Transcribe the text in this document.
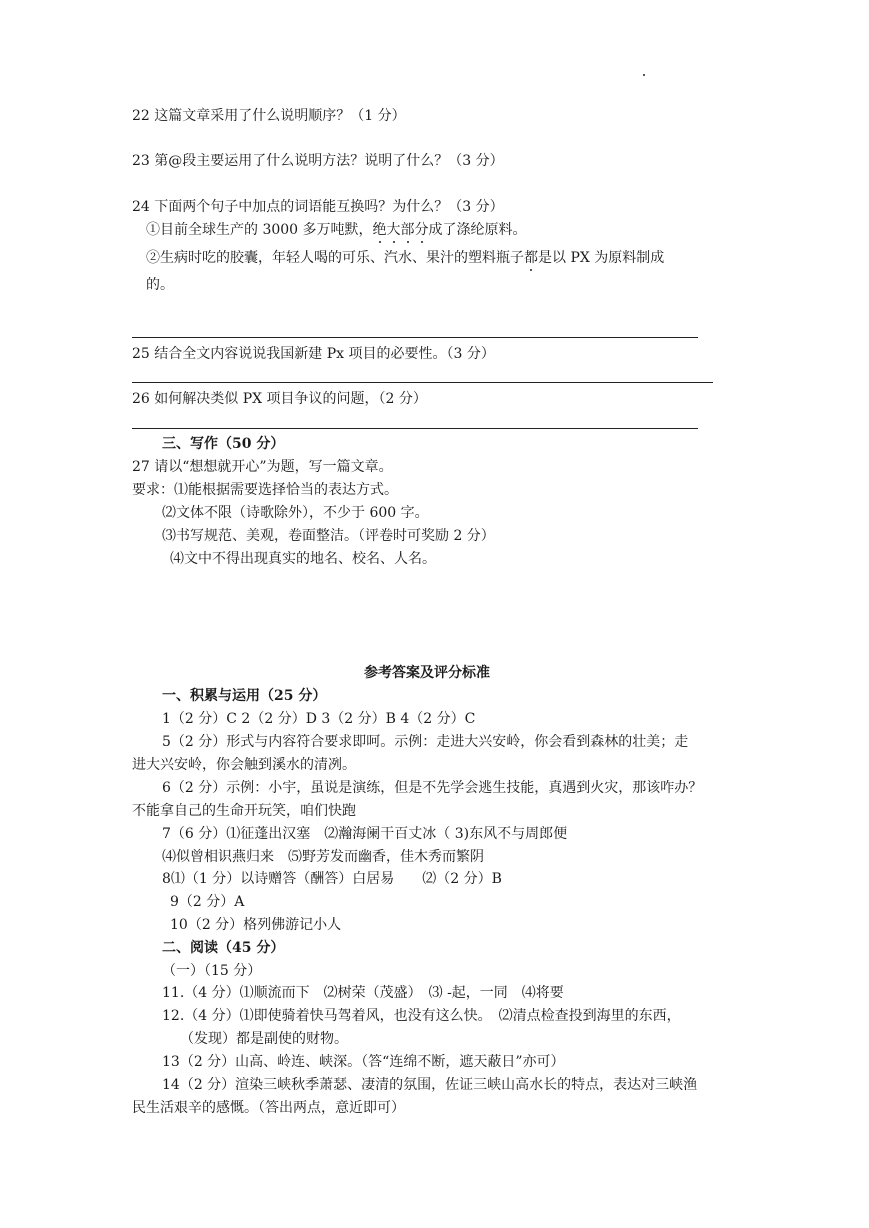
22 这篇文章采用了什么说明顺序？（1 分）
23 第@段主要运用了什么说明方法？说明了什么？（3 分）
24 下面两个句子中加点的词语能互换吗？为什么？（3 分）
①目前全球生产的 3000 多万吨默，绝大部分成了涤纶原料。
②生病时吃的胶囊，年轻人喝的可乐、汽水、果汁的塑料瓶子都是以 PX 为原料制成
的。
25 结合全文内容说说我国新建 Px 项目的必要性。（3 分）
26 如何解决类似 PX 项目争议的问题，（2 分）
三、写作（50 分）
27 请以“想想就开心”为题，写一篇文章。
要求：⑴能根据需要选择恰当的表达方式。
⑵文体不限（诗歌除外），不少于 600 字。
⑶书写规范、美观，卷面整洁。（评卷时可奖励 2 分）
⑷文中不得出现真实的地名、校名、人名。
参考答案及评分标准
一、积累与运用（25 分）
1（2 分）C 2（2 分）D 3（2 分）B 4（2 分）C
5（2 分）形式与内容符合要求即呵。示例：走进大兴安岭，你会看到森林的壮美；走
进大兴安岭，你会触到溪水的清冽。
6（2 分）示例：小宇，虽说是演练，但是不先学会逃生技能，真遇到火灾，那该咋办？
不能拿自己的生命开玩笑，咱们快跑
7（6 分）⑴征蓬出汉塞　⑵瀚海阑干百丈冰（ 3)东风不与周郎便
⑷似曾相识燕归来　⑸野芳发而幽香，佳木秀而繁阴
8⑴（1 分）以诗赠答（酬答）白居易　　⑵（2 分）B
9（2 分）A
10（2 分）格列佛游记小人
二、阅读（45 分）
（一）（15 分）
11.（4 分）⑴顺流而下　⑵树荣（茂盛）　⑶ -起，一同　⑷将要
12.（4 分）⑴即使骑着快马驾着风，也没有这么快。　⑵清点检查投到海里的东西，
（发现）都是副使的财物。
13（2 分）山高、岭连、峡深。（答“连绵不断，遮天蔽日”亦可）
14（2 分）渲染三峡秋季萧瑟、凄清的氛围，佐证三峡山高水长的特点，表达对三峡渔
民生活艰辛的感慨。（答出两点，意近即可）
